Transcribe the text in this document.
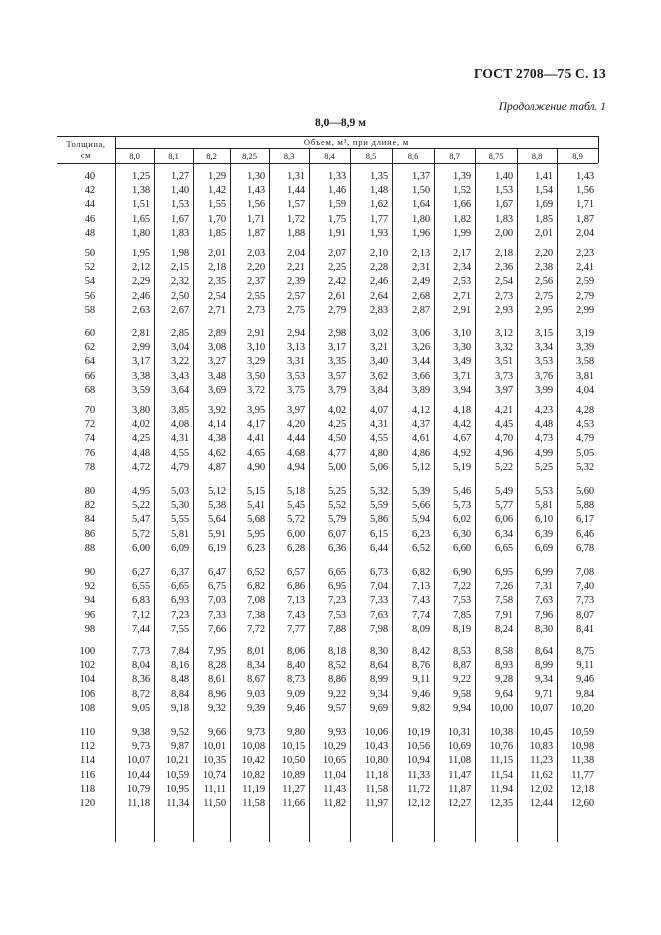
ГОСТ 2708—75 С. 13
Продолжение табл. 1
8,0—8,9 м
Толщина,
см
Объем, м³, при длине, м
8,0	8,1	8,2	8,25	8,3	8,4	8,5	8,6	8,7	8,75	8,8	8,9
40	1,25	1,27	1,29	1,30	1,31	1,33	1,35	1,37	1,39	1,40	1,41	1,43
42	1,38	1,40	1,42	1,43	1,44	1,46	1,48	1,50	1,52	1,53	1,54	1,56
44	1,51	1,53	1,55	1,56	1,57	1,59	1,62	1,64	1,66	1,67	1,69	1,71
46	1,65	1,67	1,70	1,71	1,72	1,75	1,77	1,80	1,82	1,83	1,85	1,87
48	1,80	1,83	1,85	1,87	1,88	1,91	1,93	1,96	1,99	2,00	2,01	2,04
50	1,95	1,98	2,01	2,03	2,04	2,07	2,10	2,13	2,17	2,18	2,20	2,23
52	2,12	2,15	2,18	2,20	2,21	2,25	2,28	2,31	2,34	2,36	2,38	2,41
54	2,29	2,32	2,35	2,37	2,39	2,42	2,46	2,49	2,53	2,54	2,56	2,59
56	2,46	2,50	2,54	2,55	2,57	2,61	2,64	2,68	2,71	2,73	2,75	2,79
58	2,63	2,67	2,71	2,73	2,75	2,79	2,83	2,87	2,91	2,93	2,95	2,99
60	2,81	2,85	2,89	2,91	2,94	2,98	3,02	3,06	3,10	3,12	3,15	3,19
62	2,99	3,04	3,08	3,10	3,13	3,17	3,21	3,26	3,30	3,32	3,34	3,39
64	3,17	3,22	3,27	3,29	3,31	3,35	3,40	3,44	3,49	3,51	3,53	3,58
66	3,38	3,43	3,48	3,50	3,53	3,57	3,62	3,66	3,71	3,73	3,76	3,81
68	3,59	3,64	3,69	3,72	3,75	3,79	3,84	3,89	3,94	3,97	3,99	4,04
70	3,80	3,85	3,92	3,95	3,97	4,02	4,07	4,12	4,18	4,21	4,23	4,28
72	4,02	4,08	4,14	4,17	4,20	4,25	4,31	4,37	4,42	4,45	4,48	4,53
74	4,25	4,31	4,38	4,41	4,44	4,50	4,55	4,61	4,67	4,70	4,73	4,79
76	4,48	4,55	4,62	4,65	4,68	4,77	4,80	4,86	4,92	4,96	4,99	5,05
78	4,72	4,79	4,87	4,90	4,94	5,00	5,06	5,12	5,19	5,22	5,25	5,32
80	4,95	5,03	5,12	5,15	5,18	5,25	5,32	5,39	5,46	5,49	5,53	5,60
82	5,22	5,30	5,38	5,41	5,45	5,52	5,59	5,66	5,73	5,77	5,81	5,88
84	5,47	5,55	5,64	5,68	5,72	5,79	5,86	5,94	6,02	6,06	6,10	6,17
86	5,72	5,81	5,91	5,95	6,00	6,07	6,15	6,23	6,30	6,34	6,39	6,46
88	6,00	6,09	6,19	6,23	6,28	6,36	6,44	6,52	6,60	6,65	6,69	6,78
90	6,27	6,37	6,47	6,52	6,57	6,65	6,73	6,82	6,90	6,95	6,99	7,08
92	6,55	6,65	6,75	6,82	6,86	6,95	7,04	7,13	7,22	7,26	7,31	7,40
94	6,83	6,93	7,03	7,08	7,13	7,23	7,33	7,43	7,53	7,58	7,63	7,73
96	7,12	7,23	7,33	7,38	7,43	7,53	7,63	7,74	7,85	7,91	7,96	8,07
98	7,44	7,55	7,66	7,72	7,77	7,88	7,98	8,09	8,19	8,24	8,30	8,41
100	7,73	7,84	7,95	8,01	8,06	8,18	8,30	8,42	8,53	8,58	8,64	8,75
102	8,04	8,16	8,28	8,34	8,40	8,52	8,64	8,76	8,87	8,93	8,99	9,11
104	8,36	8,48	8,61	8,67	8,73	8,86	8,99	9,11	9,22	9,28	9,34	9,46
106	8,72	8,84	8,96	9,03	9,09	9,22	9,34	9,46	9,58	9,64	9,71	9,84
108	9,05	9,18	9,32	9,39	9,46	9,57	9,69	9,82	9,94	10,00	10,07	10,20
110	9,38	9,52	9,66	9,73	9,80	9,93	10,06	10,19	10,31	10,38	10,45	10,59
112	9,73	9,87	10,01	10,08	10,15	10,29	10,43	10,56	10,69	10,76	10,83	10,98
114	10,07	10,21	10,35	10,42	10,50	10,65	10,80	10,94	11,08	11,15	11,23	11,38
116	10,44	10,59	10,74	10,82	10,89	11,04	11,18	11,33	11,47	11,54	11,62	11,77
118	10,79	10,95	11,11	11,19	11,27	11,43	11,58	11,72	11,87	11,94	12,02	12,18
120	11,18	11,34	11,50	11,58	11,66	11,82	11,97	12,12	12,27	12,35	12,44	12,60
